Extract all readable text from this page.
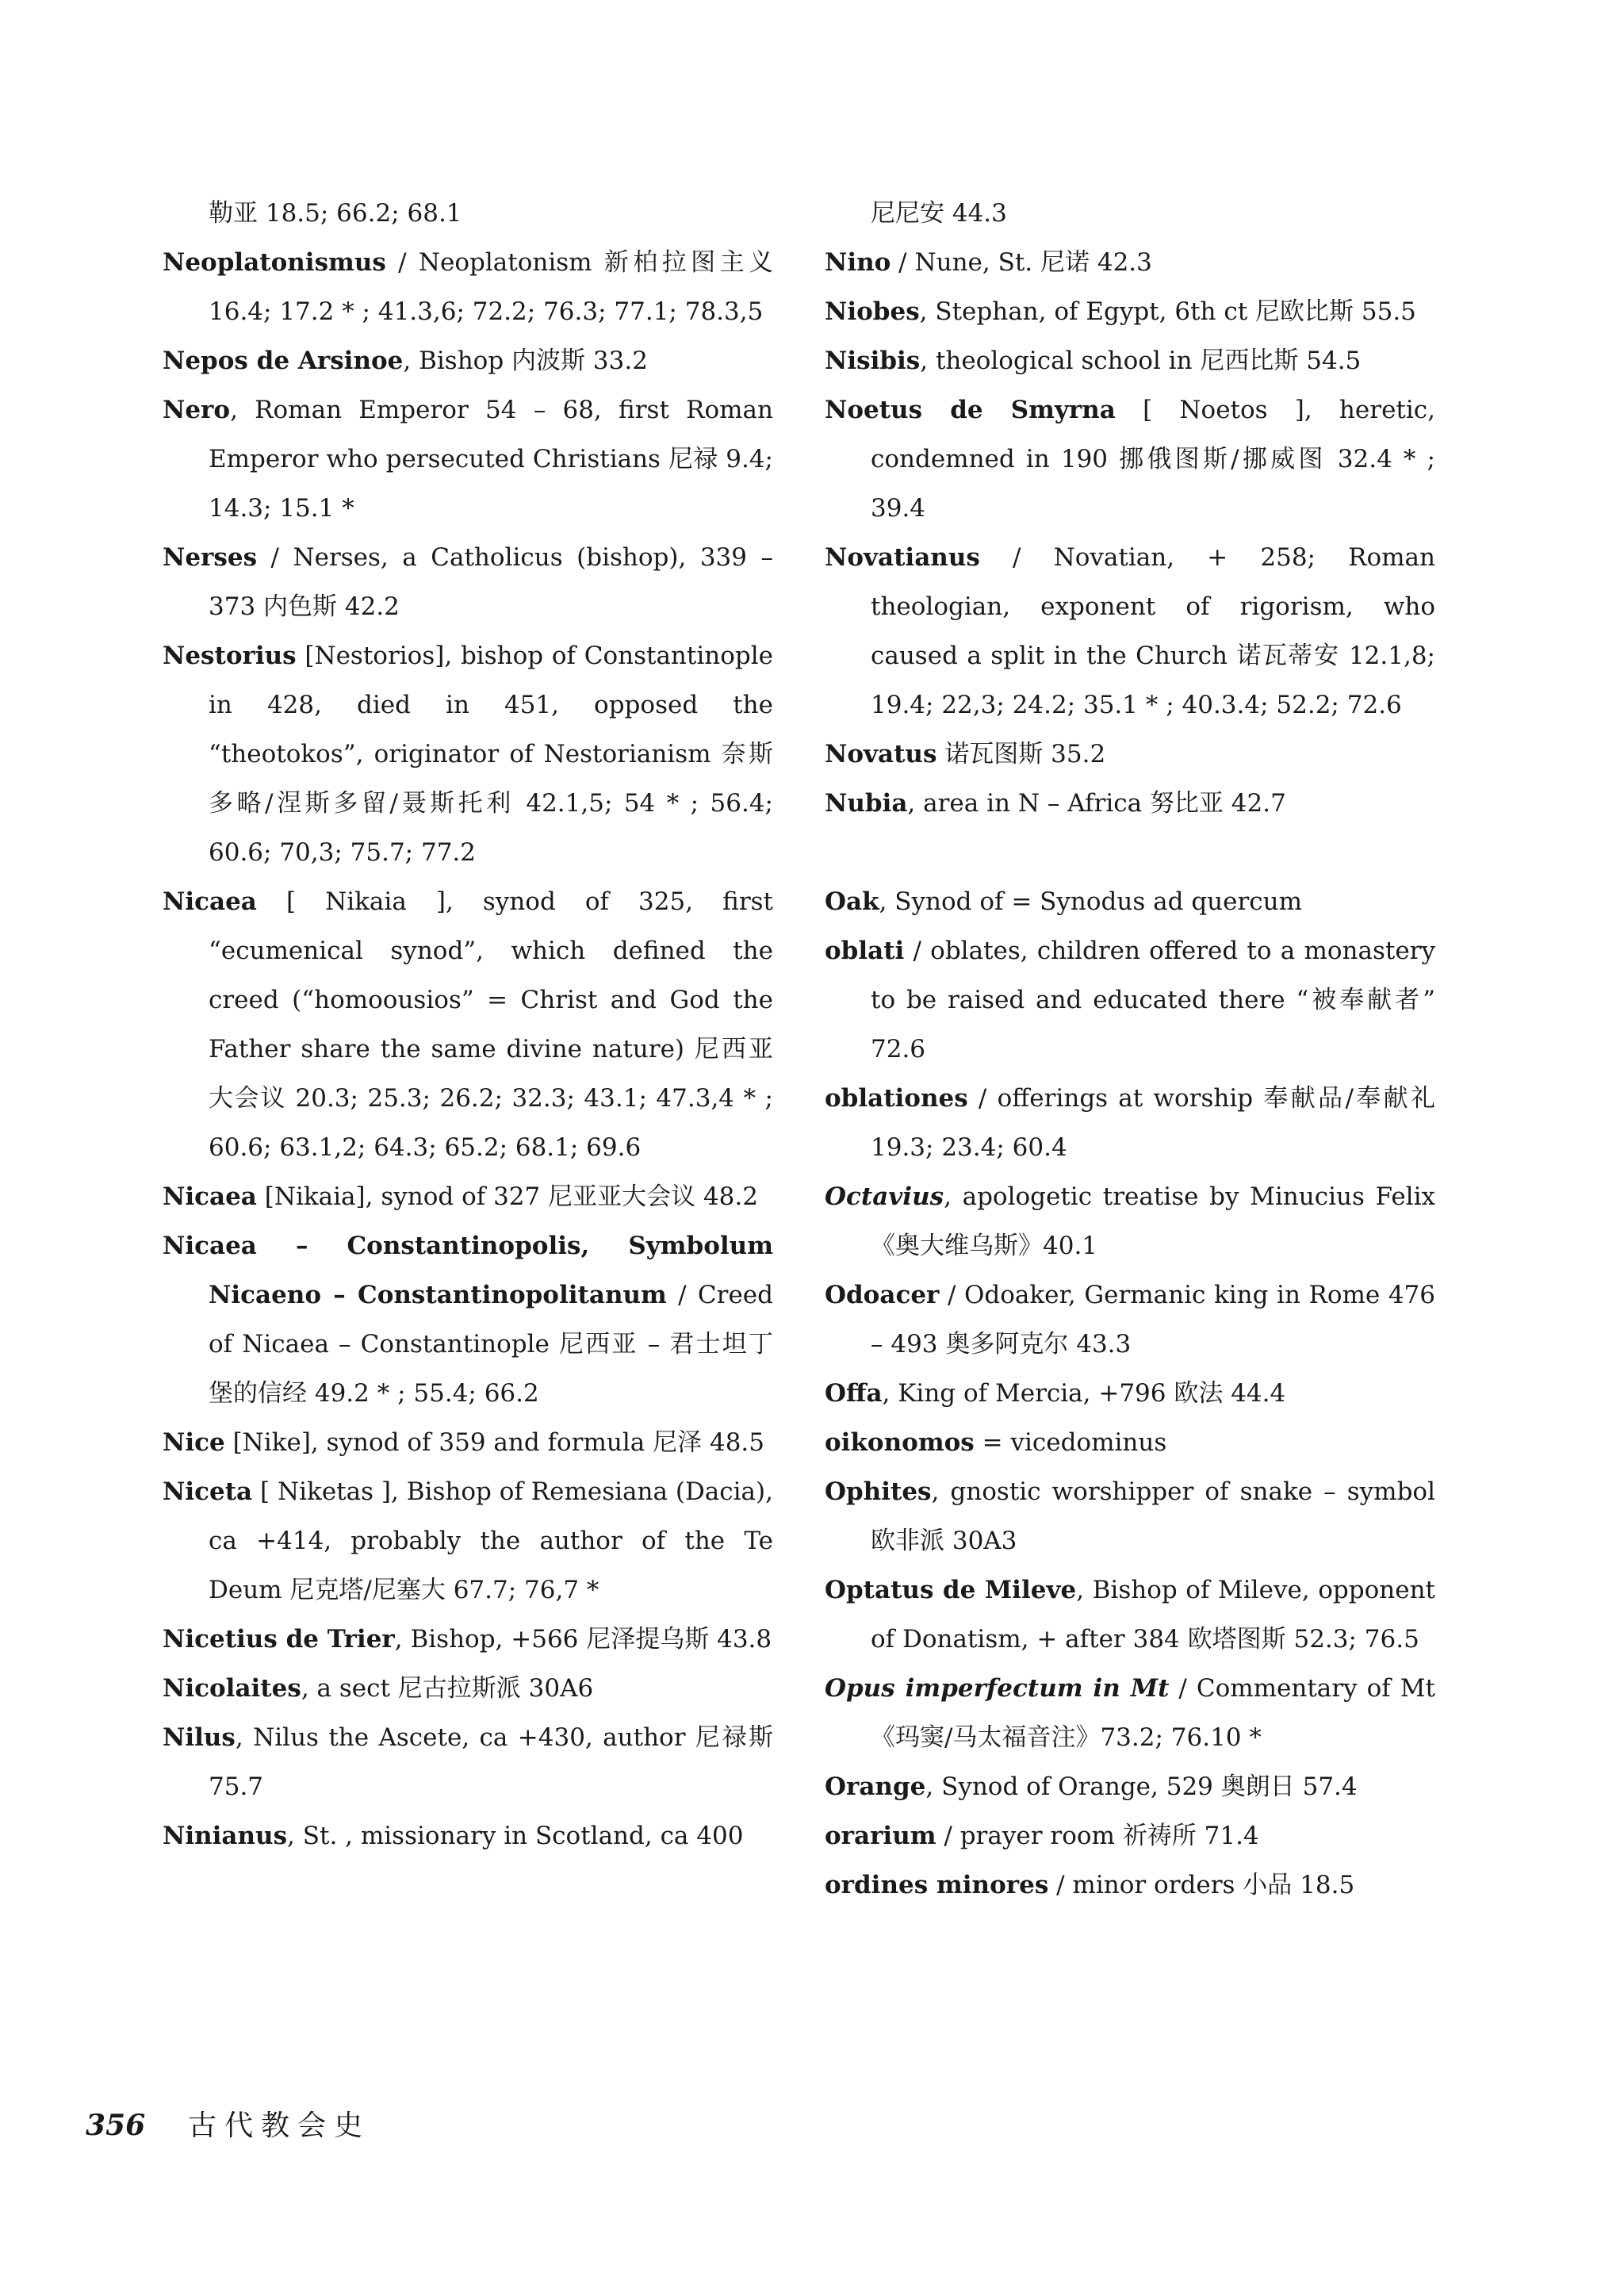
勒亚 18.5; 66.2; 68.1

Neoplatonismus / Neoplatonism 新柏拉图主义 16.4; 17.2 * ; 41.3,6; 72.2; 76.3; 77.1; 78.3,5

Nepos de Arsinoe, Bishop 内波斯 33.2

Nero, Roman Emperor 54 – 68, first Roman Emperor who persecuted Christians 尼禄 9.4; 14.3; 15.1 *

Nerses / Nerses, a Catholicus (bishop), 339 – 373 内色斯 42.2

Nestorius [Nestorios], bishop of Constantinople in 428, died in 451, opposed the “theotokos”, originator of Nestorianism 奈斯多略/涅斯多留/聂斯托利 42.1,5; 54 * ; 56.4; 60.6; 70,3; 75.7; 77.2

Nicaea [ Nikaia ], synod of 325, first “ecumenical synod”, which defined the creed (“homoousios” = Christ and God the Father share the same divine nature) 尼西亚大会议 20.3; 25.3; 26.2; 32.3; 43.1; 47.3,4 * ; 60.6; 63.1,2; 64.3; 65.2; 68.1; 69.6

Nicaea [Nikaia], synod of 327 尼亚亚大会议 48.2

Nicaea – Constantinopolis, Symbolum Nicaeno – Constantinopolitanum / Creed of Nicaea – Constantinople 尼西亚 – 君士坦丁堡的信经 49.2 * ; 55.4; 66.2

Nice [Nike], synod of 359 and formula 尼泽 48.5

Niceta [ Niketas ], Bishop of Remesiana (Dacia), ca +414, probably the author of the Te Deum 尼克塔/尼塞大 67.7; 76,7 *

Nicetius de Trier, Bishop, +566 尼泽提乌斯 43.8

Nicolaites, a sect 尼古拉斯派 30A6

Nilus, Nilus the Ascete, ca +430, author 尼禄斯 75.7

Ninianus, St. , missionary in Scotland, ca 400

尼尼安 44.3

Nino / Nune, St. 尼诺 42.3

Niobes, Stephan, of Egypt, 6th ct 尼欧比斯 55.5

Nisibis, theological school in 尼西比斯 54.5

Noetus de Smyrna [ Noetos ], heretic, condemned in 190 挪俄图斯/挪威图 32.4 * ; 39.4

Novatianus / Novatian, + 258; Roman theologian, exponent of rigorism, who caused a split in the Church 诺瓦蒂安 12.1,8; 19.4; 22,3; 24.2; 35.1 * ; 40.3.4; 52.2; 72.6

Novatus 诺瓦图斯 35.2

Nubia, area in N – Africa 努比亚 42.7

Oak, Synod of = Synodus ad quercum

oblati / oblates, children offered to a monastery to be raised and educated there “被奉献者” 72.6

oblationes / offerings at worship 奉献品/奉献礼 19.3; 23.4; 60.4

Octavius, apologetic treatise by Minucius Felix 《奥大维乌斯》40.1

Odoacer / Odoaker, Germanic king in Rome 476 – 493 奥多阿克尔 43.3

Offa, King of Mercia, +796 欧法 44.4

oikonomos = vicedominus

Ophites, gnostic worshipper of snake – symbol 欧非派 30A3

Optatus de Mileve, Bishop of Mileve, opponent of Donatism, + after 384 欧塔图斯 52.3; 76.5

Opus imperfectum in Mt / Commentary of Mt 《玛窦/马太福音注》73.2; 76.10 *

Orange, Synod of Orange, 529 奥朗日 57.4

orarium / prayer room 祈祷所 71.4

ordines minores / minor orders 小品 18.5

356 古代教会史
